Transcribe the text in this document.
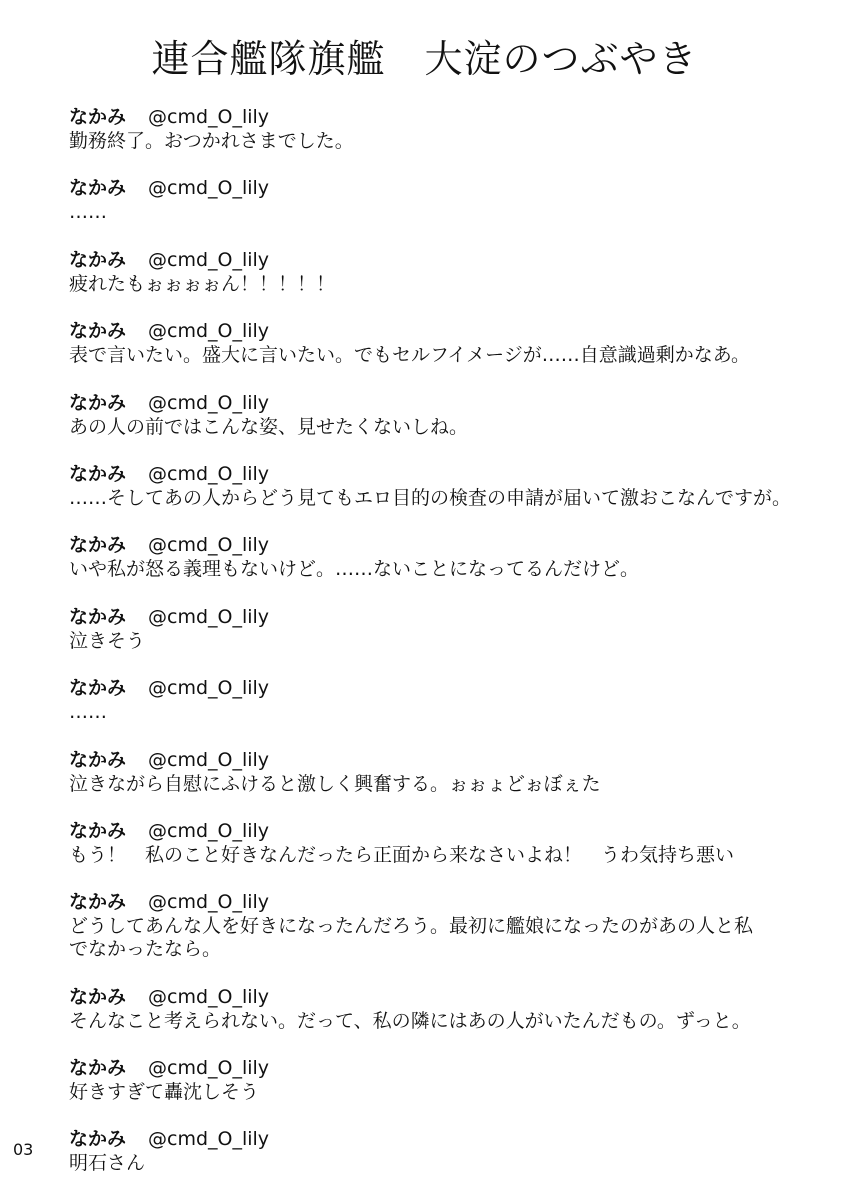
連合艦隊旗艦　大淀のつぶやき
なかみ @cmd_O_lily
勤務終了。おつかれさまでした。
なかみ @cmd_O_lily
……
なかみ @cmd_O_lily
疲れたもぉぉぉぉん！！！！！
なかみ @cmd_O_lily
表で言いたい。盛大に言いたい。でもセルフイメージが……自意識過剰かなあ。
なかみ @cmd_O_lily
あの人の前ではこんな姿、見せたくないしね。
なかみ @cmd_O_lily
……そしてあの人からどう見てもエロ目的の検査の申請が届いて激おこなんですが。
なかみ @cmd_O_lily
いや私が怒る義理もないけど。……ないことになってるんだけど。
なかみ @cmd_O_lily
泣きそう
なかみ @cmd_O_lily
……
なかみ @cmd_O_lily
泣きながら自慰にふけると激しく興奮する。ぉぉょどぉぼぇた
なかみ @cmd_O_lily
もう！　私のこと好きなんだったら正面から来なさいよね！　うわ気持ち悪い
なかみ @cmd_O_lily
どうしてあんな人を好きになったんだろう。最初に艦娘になったのがあの人と私
でなかったなら。
なかみ @cmd_O_lily
そんなこと考えられない。だって、私の隣にはあの人がいたんだもの。ずっと。
なかみ @cmd_O_lily
好きすぎて轟沈しそう
なかみ @cmd_O_lily
明石さん
03
